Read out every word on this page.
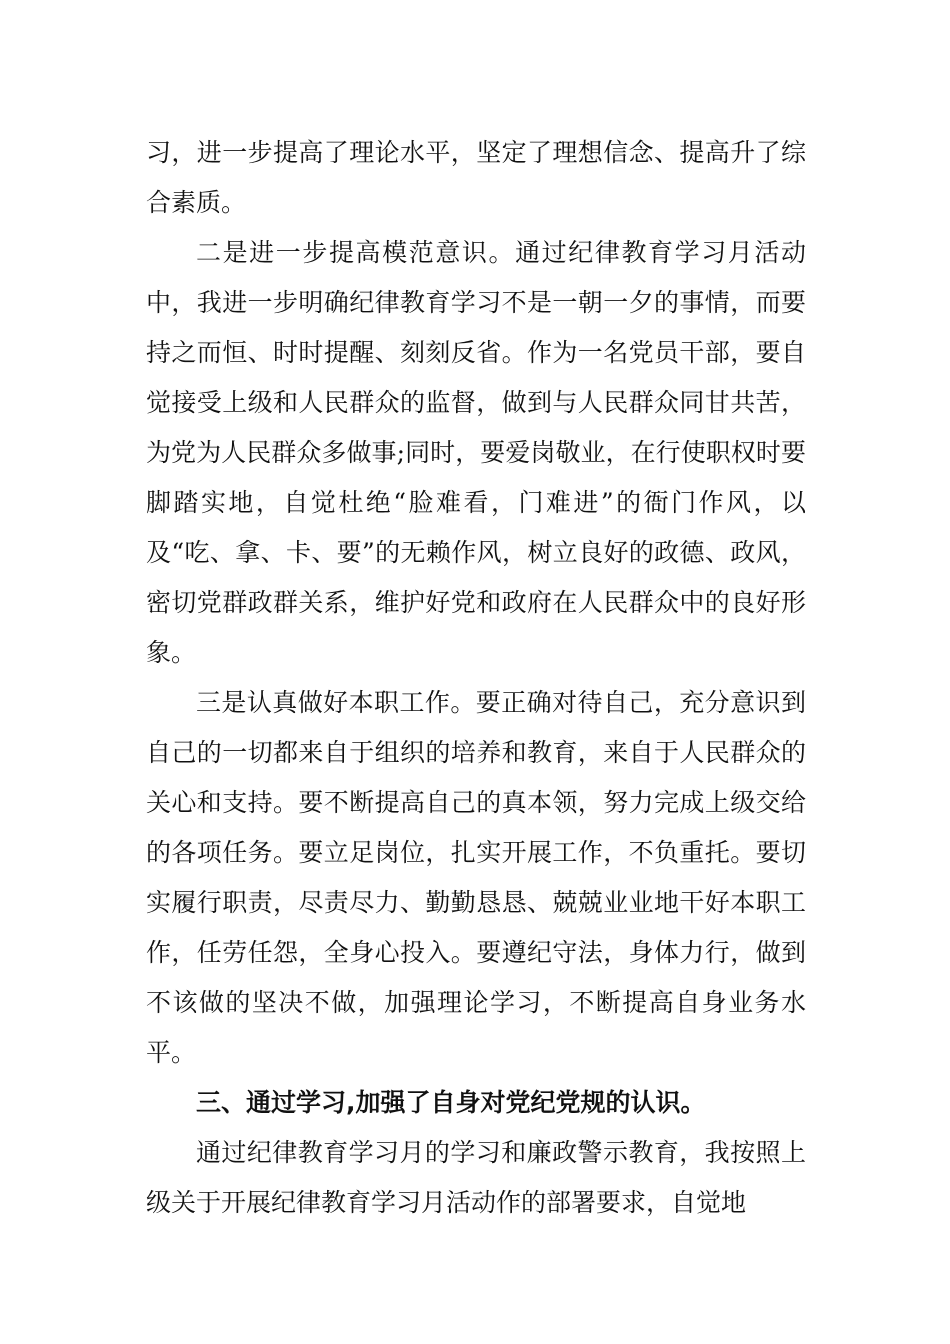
习，进一步提高了理论水平，坚定了理想信念、提高升了综合素质。

二是进一步提高模范意识。通过纪律教育学习月活动中，我进一步明确纪律教育学习不是一朝一夕的事情，而要持之而恒、时时提醒、刻刻反省。作为一名党员干部，要自觉接受上级和人民群众的监督，做到与人民群众同甘共苦，为党为人民群众多做事;同时，要爱岗敬业，在行使职权时要脚踏实地，自觉杜绝“脸难看，门难进”的衙门作风，以及“吃、拿、卡、要”的无赖作风，树立良好的政德、政风，密切党群政群关系，维护好党和政府在人民群众中的良好形象。

三是认真做好本职工作。要正确对待自己，充分意识到自己的一切都来自于组织的培养和教育，来自于人民群众的关心和支持。要不断提高自己的真本领，努力完成上级交给的各项任务。要立足岗位，扎实开展工作，不负重托。要切实履行职责，尽责尽力、勤勤恳恳、兢兢业业地干好本职工作，任劳任怨，全身心投入。要遵纪守法，身体力行，做到不该做的坚决不做，加强理论学习，不断提高自身业务水平。

三、通过学习,加强了自身对党纪党规的认识。

通过纪律教育学习月的学习和廉政警示教育，我按照上级关于开展纪律教育学习月活动作的部署要求，自觉地
